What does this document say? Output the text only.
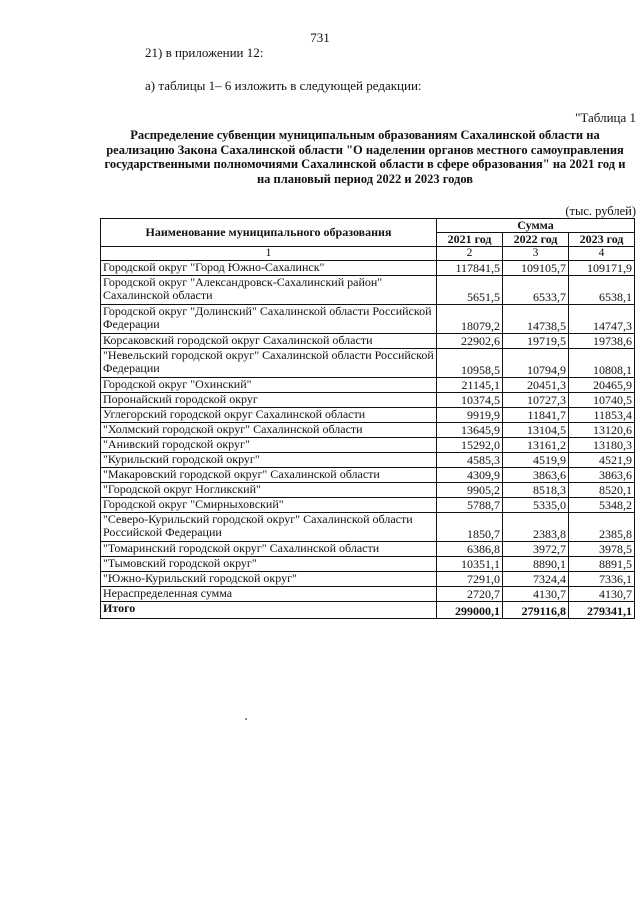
731
21) в приложении 12:
а) таблицы 1– 6 изложить в следующей редакции:
"Таблица 1
Распределение субвенции муниципальным образованиям Сахалинской области на реализацию Закона Сахалинской области "О наделении органов местного самоуправления государственными полномочиями Сахалинской области в сфере образования" на 2021 год и на плановый период 2022 и 2023 годов
(тыс. рублей)
Наименование муниципального образования	Сумма		
	2021 год	2022 год	2023 год
1	2	3	4
Городской округ "Город Южно-Сахалинск"	117841,5	109105,7	109171,9
Городской округ "Александровск-Сахалинский район" Сахалинской области	5651,5	6533,7	6538,1
Городской округ "Долинский" Сахалинской области Российской Федерации	18079,2	14738,5	14747,3
Корсаковский городской округ Сахалинской области	22902,6	19719,5	19738,6
"Невельский городской округ" Сахалинской области Российской Федерации	10958,5	10794,9	10808,1
Городской округ "Охинский"	21145,1	20451,3	20465,9
Поронайский городской округ	10374,5	10727,3	10740,5
Углегорский городской округ Сахалинской области	9919,9	11841,7	11853,4
"Холмский городской округ" Сахалинской области	13645,9	13104,5	13120,6
"Анивский городской округ"	15292,0	13161,2	13180,3
"Курильский городской округ"	4585,3	4519,9	4521,9
"Макаровский городской округ" Сахалинской области	4309,9	3863,6	3863,6
"Городской округ Ногликский"	9905,2	8518,3	8520,1
Городской округ "Смирныховский"	5788,7	5335,0	5348,2
"Северо-Курильский городской округ" Сахалинской области Российской Федерации	1850,7	2383,8	2385,8
"Томаринский городской округ" Сахалинской области	6386,8	3972,7	3978,5
"Тымовский городской округ"	10351,1	8890,1	8891,5
"Южно-Курильский городской округ"	7291,0	7324,4	7336,1
Нераспределенная сумма	2720,7	4130,7	4130,7
Итого	299000,1	279116,8	279341,1
